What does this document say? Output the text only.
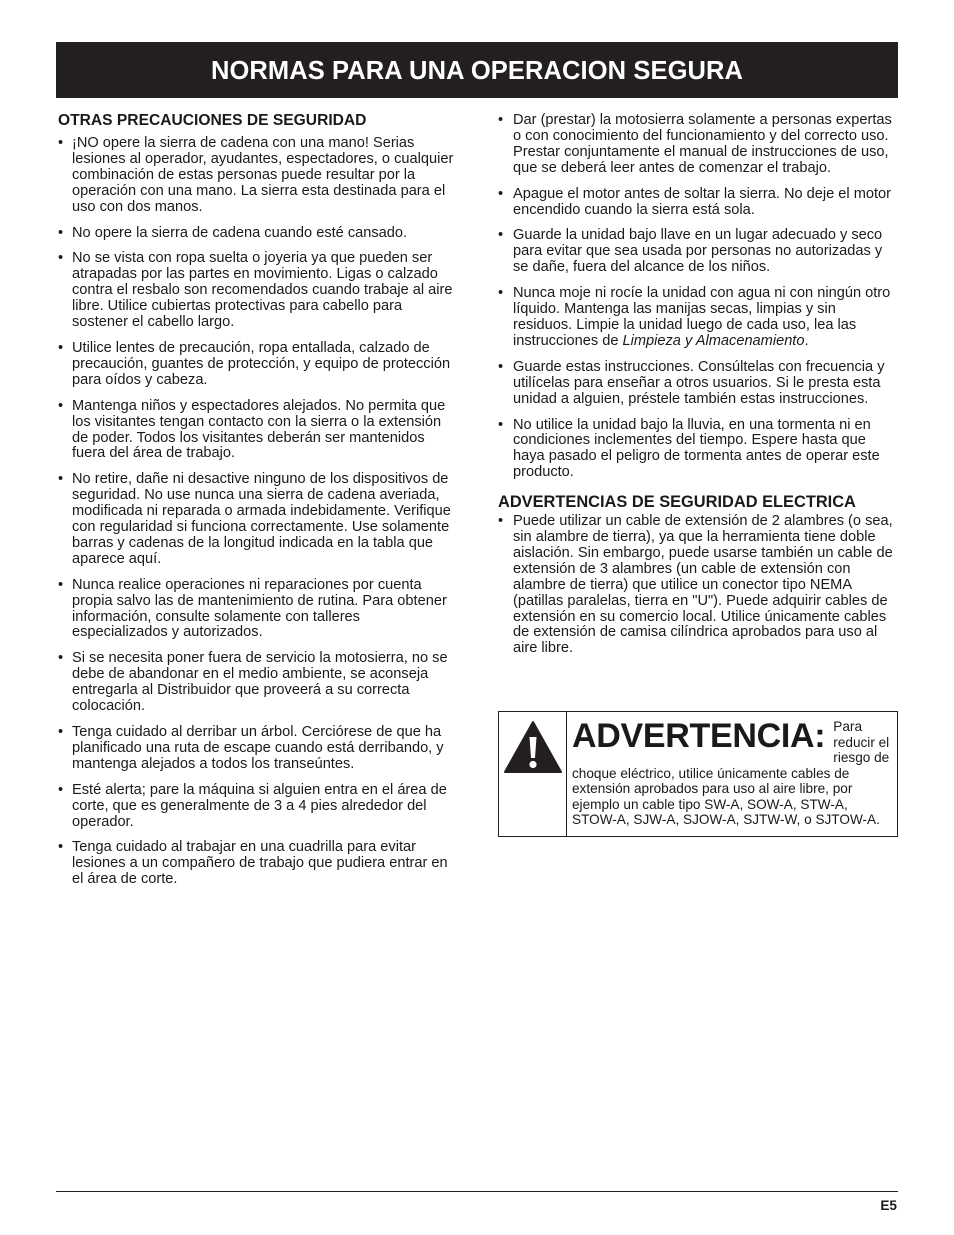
NORMAS PARA UNA OPERACION SEGURA
OTRAS PRECAUCIONES DE SEGURIDAD
• ¡NO opere la sierra de cadena con una mano! Serias lesiones al operador, ayudantes, espectadores, o cualquier combinación de estas personas puede resultar por la operación con una mano. La sierra esta destinada para el uso con dos manos.
• No opere la sierra de cadena cuando esté cansado.
• No se vista con ropa suelta o joyeria ya que pueden ser atrapadas por las partes en movimiento. Ligas o calzado contra el resbalo son recomendados cuando trabaje al aire libre. Utilice cubiertas protectivas para cabello para sostener el cabello largo.
• Utilice lentes de precaución, ropa entallada, calzado de precaución, guantes de protección, y equipo de protección para oídos y cabeza.
• Mantenga niños y espectadores alejados. No permita que los visitantes tengan contacto con la sierra o la extensión de poder. Todos los visitantes deberán ser mantenidos fuera del área de trabajo.
• No retire, dañe ni desactive ninguno de los dispositivos de seguridad. No use nunca una sierra de cadena averiada, modificada ni reparada o armada indebidamente. Verifique con regularidad si funciona correctamente. Use solamente barras y cadenas de la longitud indicada en la tabla que aparece aquí.
• Nunca realice operaciones ni reparaciones por cuenta propia salvo las de mantenimiento de rutina. Para obtener información, consulte solamente con talleres especializados y autorizados.
• Si se necesita poner fuera de servicio la motosierra, no se debe de abandonar en el medio ambiente, se aconseja entregarla al Distribuidor que proveerá a su correcta colocación.
• Tenga cuidado al derribar un árbol. Cerciórese de que ha planificado una ruta de escape cuando está derribando, y mantenga alejados a todos los transeúntes.
• Esté alerta; pare la máquina si alguien entra en el área de corte, que es generalmente de 3 a 4 pies alrededor del operador.
• Tenga cuidado al trabajar en una cuadrilla para evitar lesiones a un compañero de trabajo que pudiera entrar en el área de corte.
• Dar (prestar) la motosierra solamente a personas expertas o con conocimiento del funcionamiento y del correcto uso. Prestar conjuntamente el manual de instrucciones de uso, que se deberá leer antes de comenzar el trabajo.
• Apague el motor antes de soltar la sierra. No deje el motor encendido cuando la sierra está sola.
• Guarde la unidad bajo llave en un lugar adecuado y seco para evitar que sea usada por personas no autorizadas y se dañe, fuera del alcance de los niños.
• Nunca moje ni rocíe la unidad con agua ni con ningún otro líquido. Mantenga las manijas secas, limpias y sin residuos. Limpie la unidad luego de cada uso, lea las instrucciones de Limpieza y Almacenamiento.
• Guarde estas instrucciones. Consúltelas con frecuencia y utilícelas para enseñar a otros usuarios. Si le presta esta unidad a alguien, préstele también estas instrucciones.
• No utilice la unidad bajo la lluvia, en una tormenta ni en condiciones inclementes del tiempo. Espere hasta que haya pasado el peligro de tormenta antes de operar este producto.
ADVERTENCIAS DE SEGURIDAD ELECTRICA
• Puede utilizar un cable de extensión de 2 alambres (o sea, sin alambre de tierra), ya que la herramienta tiene doble aislación. Sin embargo, puede usarse también un cable de extensión de 3 alambres (un cable de extensión con alambre de tierra) que utilice un conector tipo NEMA (patillas paralelas, tierra en "U"). Puede adquirir cables de extensión en su comercio local. Utilice únicamente cables de extensión de camisa cilíndrica aprobados para uso al aire libre.
ADVERTENCIA: Para reducir el riesgo de
choque eléctrico, utilice únicamente cables de extensión aprobados para uso al aire libre, por ejemplo un cable tipo SW-A, SOW-A, STW-A, STOW-A, SJW-A, SJOW-A, SJTW-W, o SJTOW-A.
E5
